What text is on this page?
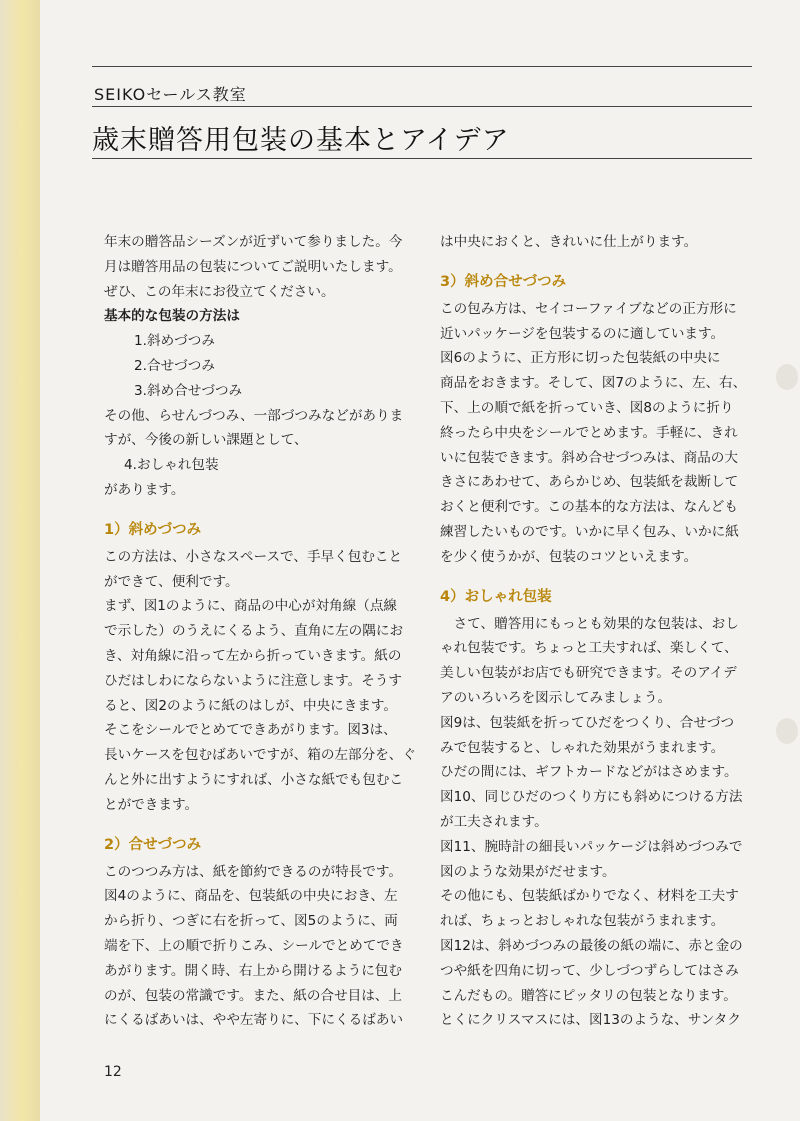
SEIKOセールス教室
歳末贈答用包装の基本とアイデア
年末の贈答品シーズンが近ずいて参りました。今
月は贈答用品の包装についてご説明いたします。
ぜひ、この年末にお役立てください。
基本的な包装の方法は
1.斜めづつみ
2.合せづつみ
3.斜め合せづつみ
その他、らせんづつみ、一部づつみなどがありま
すが、今後の新しい課題として、
4.おしゃれ包装
があります。
1）斜めづつみ
この方法は、小さなスペースで、手早く包むこと
ができて、便利です。
まず、図1のように、商品の中心が対角線（点線
で示した）のうえにくるよう、直角に左の隅にお
き、対角線に沿って左から折っていきます。紙の
ひだはしわにならないように注意します。そうす
ると、図2のように紙のはしが、中央にきます。
そこをシールでとめてできあがります。図3は、
長いケースを包むばあいですが、箱の左部分を、ぐ
んと外に出すようにすれば、小さな紙でも包むこ
とができます。
2）合せづつみ
このつつみ方は、紙を節約できるのが特長です。
図4のように、商品を、包装紙の中央におき、左
から折り、つぎに右を折って、図5のように、両
端を下、上の順で折りこみ、シールでとめてでき
あがります。開く時、右上から開けるように包む
のが、包装の常識です。また、紙の合せ目は、上
にくるばあいは、やや左寄りに、下にくるばあい
は中央におくと、きれいに仕上がります。
3）斜め合せづつみ
この包み方は、セイコーファイブなどの正方形に
近いパッケージを包装するのに適しています。
図6のように、正方形に切った包装紙の中央に
商品をおきます。そして、図7のように、左、右、
下、上の順で紙を折っていき、図8のように折り
終ったら中央をシールでとめます。手軽に、きれ
いに包装できます。斜め合せづつみは、商品の大
きさにあわせて、あらかじめ、包装紙を裁断して
おくと便利です。この基本的な方法は、なんども
練習したいものです。いかに早く包み、いかに紙
を少く使うかが、包装のコツといえます。
4）おしゃれ包装
　さて、贈答用にもっとも効果的な包装は、おし
ゃれ包装です。ちょっと工夫すれば、楽しくて、
美しい包装がお店でも研究できます。そのアイデ
アのいろいろを図示してみましょう。
図9は、包装紙を折ってひだをつくり、合せづつ
みで包装すると、しゃれた効果がうまれます。
ひだの間には、ギフトカードなどがはさめます。
図10、同じひだのつくり方にも斜めにつける方法
が工夫されます。
図11、腕時計の細長いパッケージは斜めづつみで
図のような効果がだせます。
その他にも、包装紙ばかりでなく、材料を工夫す
れば、ちょっとおしゃれな包装がうまれます。
図12は、斜めづつみの最後の紙の端に、赤と金の
つや紙を四角に切って、少しづつずらしてはさみ
こんだもの。贈答にピッタリの包装となります。
とくにクリスマスには、図13のような、サンタク
12
